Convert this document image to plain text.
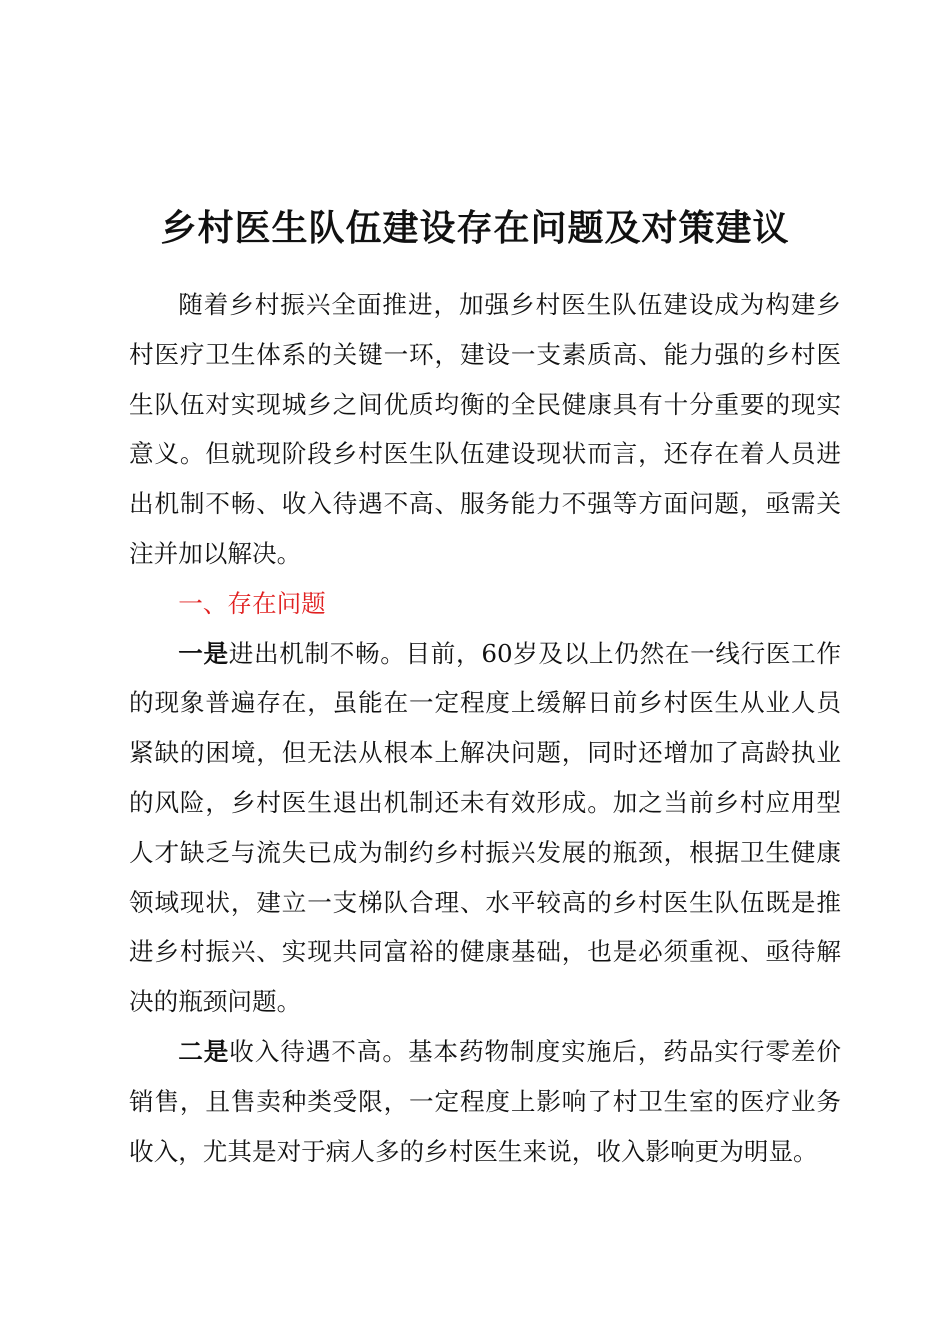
乡村医生队伍建设存在问题及对策建议

随着乡村振兴全面推进，加强乡村医生队伍建设成为构建乡村医疗卫生体系的关键一环，建设一支素质高、能力强的乡村医生队伍对实现城乡之间优质均衡的全民健康具有十分重要的现实意义。但就现阶段乡村医生队伍建设现状而言，还存在着人员进出机制不畅、收入待遇不高、服务能力不强等方面问题，亟需关注并加以解决。

一、存在问题

一是进出机制不畅。目前，60岁及以上仍然在一线行医工作的现象普遍存在，虽能在一定程度上缓解日前乡村医生从业人员紧缺的困境，但无法从根本上解决问题，同时还增加了高龄执业的风险，乡村医生退出机制还未有效形成。加之当前乡村应用型人才缺乏与流失已成为制约乡村振兴发展的瓶颈，根据卫生健康领域现状，建立一支梯队合理、水平较高的乡村医生队伍既是推进乡村振兴、实现共同富裕的健康基础，也是必须重视、亟待解决的瓶颈问题。

二是收入待遇不高。基本药物制度实施后，药品实行零差价销售，且售卖种类受限，一定程度上影响了村卫生室的医疗业务收入，尤其是对于病人多的乡村医生来说，收入影响更为明显。
